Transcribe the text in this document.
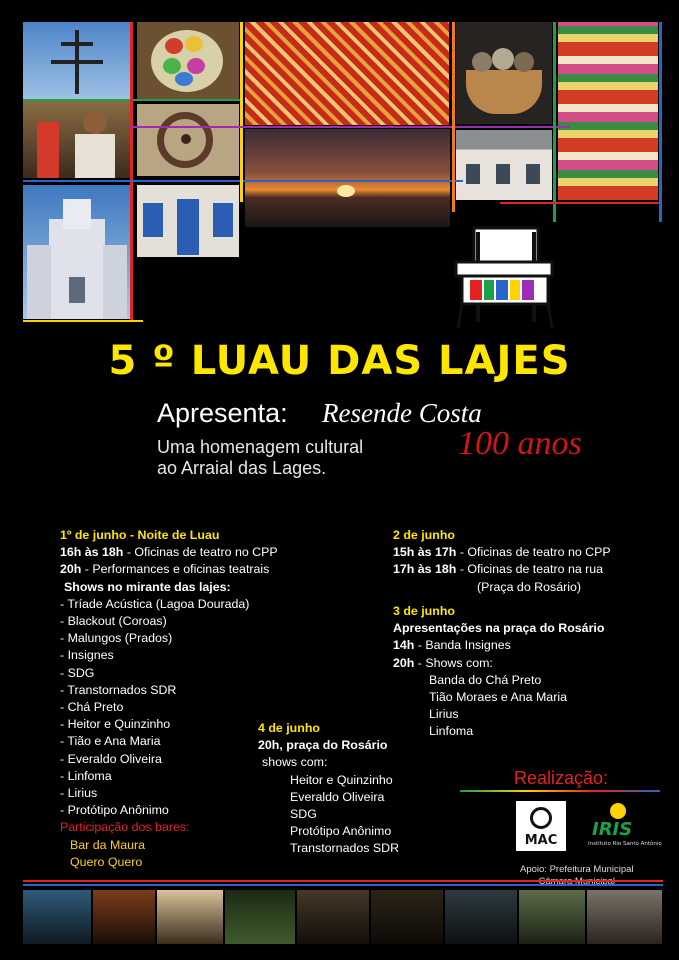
5 º LUAU DAS LAJES
Apresenta: Resende Costa
Uma homenagem cultural
ao Arraial das Lages.
100 anos
1º de junho - Noite de Luau
16h às 18h - Oficinas de teatro no CPP
20h - Performances e oficinas teatrais
Shows no mirante das lajes:
- Tríade Acústica (Lagoa Dourada)
- Blackout (Coroas)
- Malungos (Prados)
- Insignes
- SDG
- Transtornados SDR
- Chá Preto
- Heitor e Quinzinho
- Tião e Ana Maria
- Everaldo Oliveira
- Linfoma
- Lirius
- Protótipo Anônimo
Participação dos bares:
Bar da Maura
Quero Quero
4 de junho
20h, praça do Rosário
shows com:
Heitor e Quinzinho
Everaldo Oliveira
SDG
Protótipo Anônimo
Transtornados SDR
2 de junho
15h às 17h - Oficinas de teatro no CPP
17h às 18h - Oficinas de teatro na rua
(Praça do Rosário)
3 de junho
Apresentações na praça do Rosário
14h - Banda Insignes
20h - Shows com:
Banda do Chá Preto
Tião Moraes e Ana Maria
Lirius
Linfoma
Realização:
MAC
IRIS
Instituto Rio Santo Antônio
Apoio: Prefeitura Municipal
